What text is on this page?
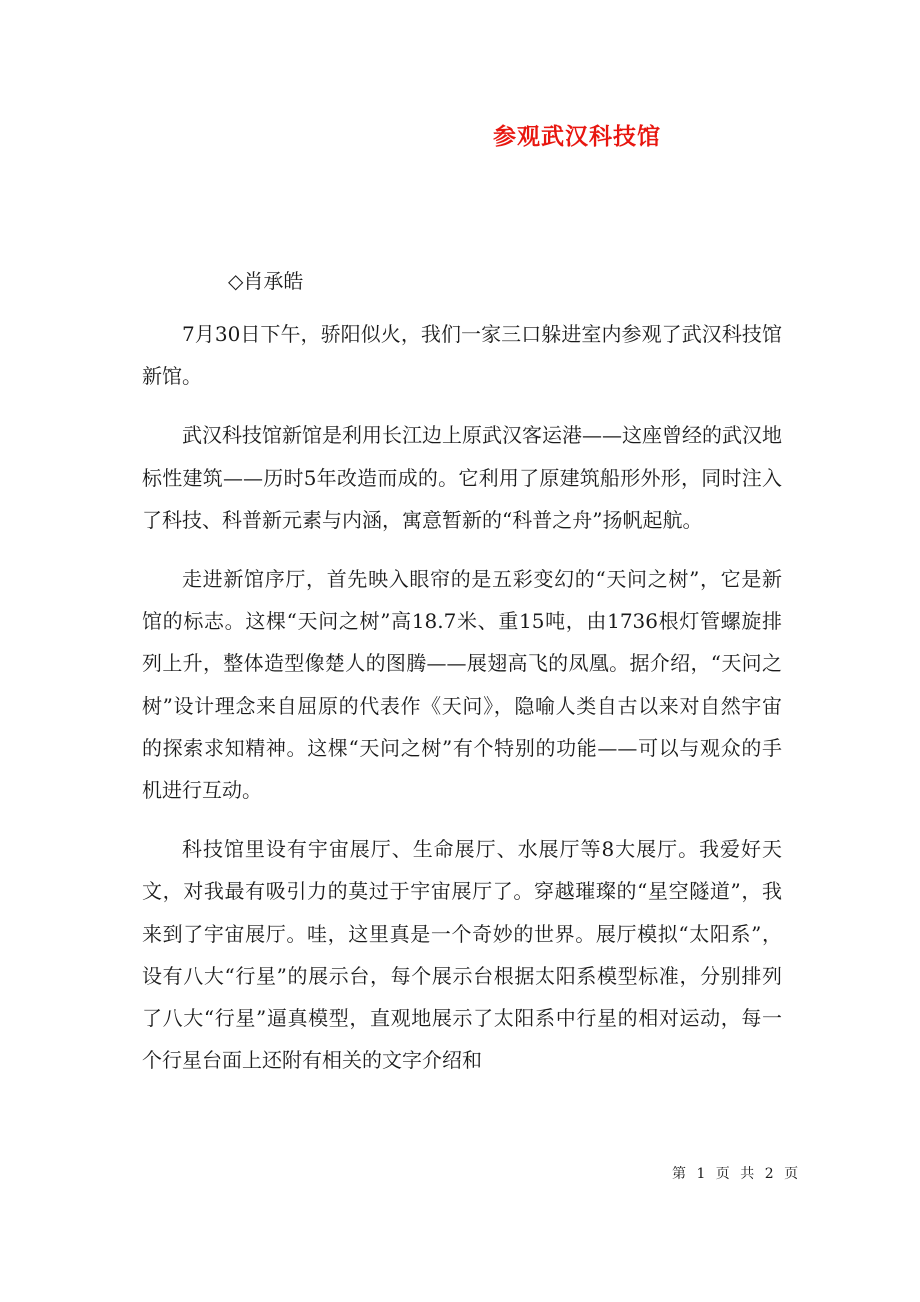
参观武汉科技馆
◇肖承皓

7月30日下午，骄阳似火，我们一家三口躲进室内参观了武汉科技馆新馆。

武汉科技馆新馆是利用长江边上原武汉客运港——这座曾经的武汉地标性建筑——历时5年改造而成的。它利用了原建筑船形外形，同时注入了科技、科普新元素与内涵，寓意暂新的“科普之舟”扬帆起航。

走进新馆序厅，首先映入眼帘的是五彩变幻的“天问之树”，它是新馆的标志。这棵“天问之树”高18.7米、重15吨，由1736根灯管螺旋排列上升，整体造型像楚人的图腾——展翅高飞的凤凰。据介绍，“天问之树”设计理念来自屈原的代表作《天问》，隐喻人类自古以来对自然宇宙的探索求知精神。这棵“天问之树”有个特别的功能——可以与观众的手机进行互动。

科技馆里设有宇宙展厅、生命展厅、水展厅等8大展厅。我爱好天文，对我最有吸引力的莫过于宇宙展厅了。穿越璀璨的“星空隧道”，我来到了宇宙展厅。哇，这里真是一个奇妙的世界。展厅模拟“太阳系”，设有八大“行星”的展示台，每个展示台根据太阳系模型标准，分别排列了八大“行星”逼真模型，直观地展示了太阳系中行星的相对运动，每一个行星台面上还附有相关的文字介绍和

第 1 页 共 2 页
